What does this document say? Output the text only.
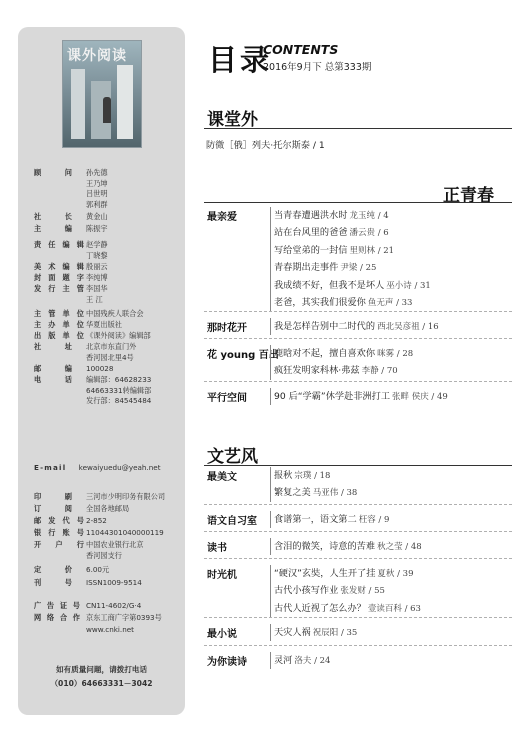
课外阅读
顾问 孙先德
王乃坤
吕世明
郭利群
社长 黄金山
主编 陈振宇
责任编辑 赵学静
丁晓黎
美术编辑 殷丽云
封面题字 李纯博
发行主管 李国华
王 江
主管单位 中国残疾人联合会
主办单位 华夏出版社
出版单位 《课外阅读》编辑部
社址 北京市东直门外
香河园北里4号
邮编 100028
电话 编辑部：64628233
64663331转编辑部
发行部：84545484
印刷 三河市少明印务有限公司
订阅 全国各地邮局
邮发代号 2-852
银行账号 11044301040000119
开户行 中国农业银行北京
香河园支行
定价 6.00元
刊号 ISSN1009-9514
广告证号 CN11-4602/G·4
网络合作 京东工商广字第0393号
www.cnki.net
E-mail kewaiyuedu@yeah.net
如有质量问题，请拨打电话
（010）64663331－3042
目录
CONTENTS
2016年9月下 总第333期
课堂外
防微［俄］列夫·托尔斯泰 / 1
正青春
文艺风
最亲爱	当青春遭遇洪水时 龙玉纯 / 4
站在台风里的爸爸 潘云贵 / 6
写给堂弟的一封信 里则林 / 21
青春期出走事件 尹梁 / 25
我成绩不好，但我不是坏人 巫小诗 / 31
老爸，其实我们很爱你 鱼无声 / 33
那时花开	我是怎样告别中二时代的 西北吴彦祖 / 16
花 young 百出
鹿晗对不起，擅自喜欢你 咪雾 / 28
疯狂发明家科林·弗兹 李静 / 70
平行空间	90 后“学霸”休学赴非洲打工 张畔 侯庆 / 49
最美文	报秋 宗璞 / 18
繁复之美 马亚伟 / 38
语文自习室 食谱第一，语文第二 枉容 / 9
读书	含泪的微笑，诗意的苦难 秋之莹 / 48
时光机	“硬汉”玄奘，人生开了挂 夏秋 / 39
古代小孩写作业 张发财 / 55
古代人近视了怎么办？ 壹读百科 / 63
最小说	天灾人祸 祝辰阳 / 35
为你读诗	灵河 洛夫 / 24
